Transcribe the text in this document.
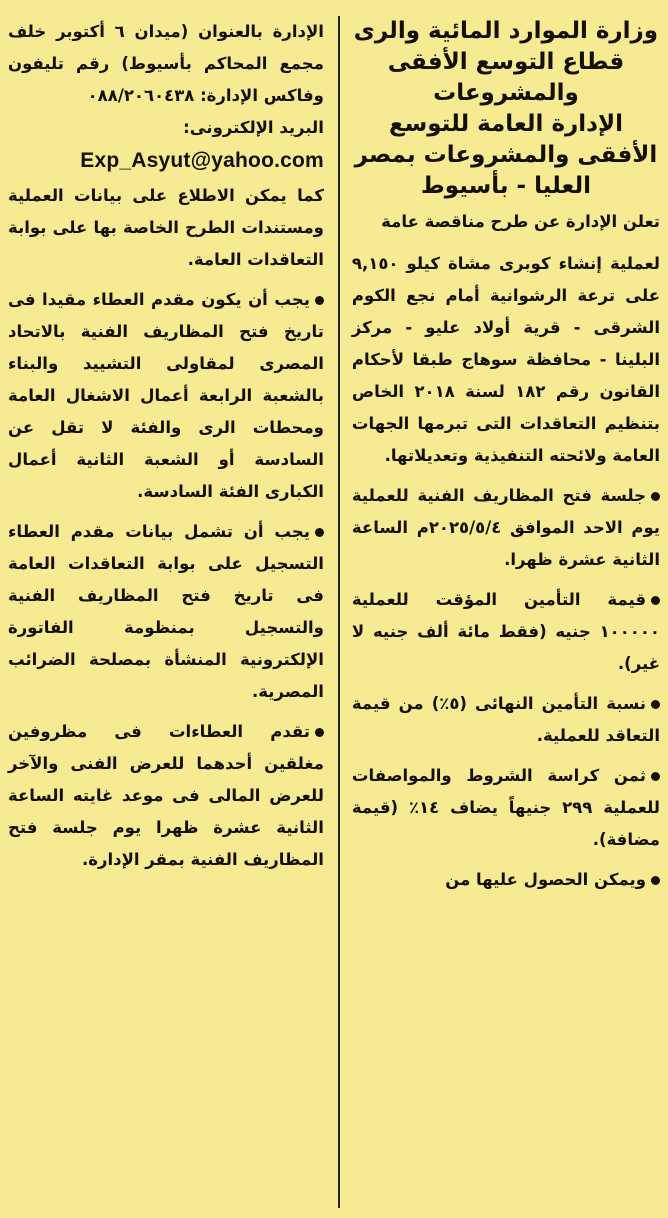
وزارة الموارد المائية والرى
قطاع التوسع الأفقى والمشروعات
الإدارة العامة للتوسع الأفقى والمشروعات بمصر العليا - بأسيوط
تعلن الإدارة عن طرح مناقصة عامة
لعملية إنشاء كوبرى مشاة كيلو ٩,١٥٠ على ترعة الرشوانية أمام نجع الكوم الشرقى - قرية أولاد عليو - مركز البلينا - محافظة سوهاج طبقا لأحكام القانون رقم ١٨٢ لسنة ٢٠١٨ الخاص بتنظيم التعاقدات التى تبرمها الجهات العامة ولائحته التنفيذية وتعديلاتها.
جلسة فتح المظاريف الفنية للعملية يوم الاحد الموافق ٢٠٢٥/٥/٤م الساعة الثانية عشرة ظهرا.
قيمة التأمين المؤقت للعملية ١٠٠٠٠٠ جنيه (فقط مائة ألف جنيه لا غير).
نسبة التأمين النهائى (٥٪) من قيمة التعاقد للعملية.
ثمن كراسة الشروط والمواصفات للعملية ٢٩٩ جنيهاً يضاف ١٤٪ (قيمة مضافة).
ويمكن الحصول عليها من
الإدارة بالعنوان (ميدان ٦ أكتوبر خلف مجمع المحاكم بأسيوط) رقم تليفون وفاكس الإدارة: ٠٨٨/٢٠٦٠٤٣٨
البريد الإلكترونى:
Exp_Asyut@yahoo.com
كما يمكن الاطلاع على بيانات العملية ومستندات الطرح الخاصة بها على بوابة التعاقدات العامة.
يجب أن يكون مقدم العطاء مقيدا فى تاريخ فتح المظاريف الفنية بالاتحاد المصرى لمقاولى التشييد والبناء بالشعبة الرابعة أعمال الاشغال العامة ومحطات الرى والفئة لا تقل عن السادسة أو الشعبة الثانية أعمال الكبارى الفئة السادسة.
يجب أن تشمل بيانات مقدم العطاء التسجيل على بوابة التعاقدات العامة فى تاريخ فتح المظاريف الفنية والتسجيل بمنظومة الفاتورة الإلكترونية المنشأة بمصلحة الضرائب المصرية.
تقدم العطاءات فى مظروفين مغلقين أحدهما للعرض الفنى والآخر للعرض المالى فى موعد غايته الساعة الثانية عشرة ظهرا يوم جلسة فتح المظاريف الفنية بمقر الإدارة.
